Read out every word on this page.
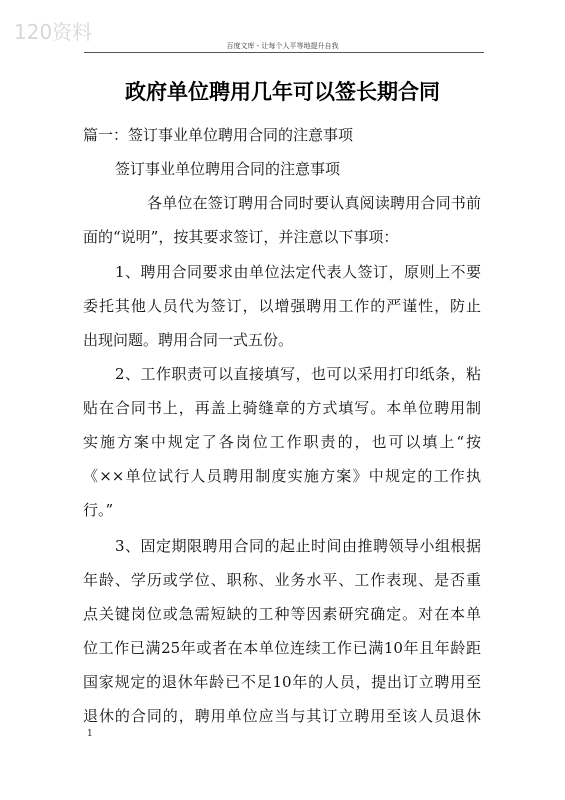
120资料
百度文库 - 让每个人平等地提升自我
政府单位聘用几年可以签长期合同
篇一：签订事业单位聘用合同的注意事项
签订事业单位聘用合同的注意事项
各单位在签订聘用合同时要认真阅读聘用合同书前
面的“说明”，按其要求签订，并注意以下事项：
1、聘用合同要求由单位法定代表人签订，原则上不要
委托其他人员代为签订，以增强聘用工作的严谨性，防止
出现问题。聘用合同一式五份。
2、工作职责可以直接填写，也可以采用打印纸条，粘
贴在合同书上，再盖上骑缝章的方式填写。本单位聘用制
实施方案中规定了各岗位工作职责的，也可以填上“按
《××单位试行人员聘用制度实施方案》中规定的工作执
行。”
3、固定期限聘用合同的起止时间由推聘领导小组根据
年龄、学历或学位、职称、业务水平、工作表现、是否重
点关键岗位或急需短缺的工种等因素研究确定。对在本单
位工作已满25年或者在本单位连续工作已满10年且年龄距
国家规定的退休年龄已不足10年的人员，提出订立聘用至
退休的合同的，聘用单位应当与其订立聘用至该人员退休
1
